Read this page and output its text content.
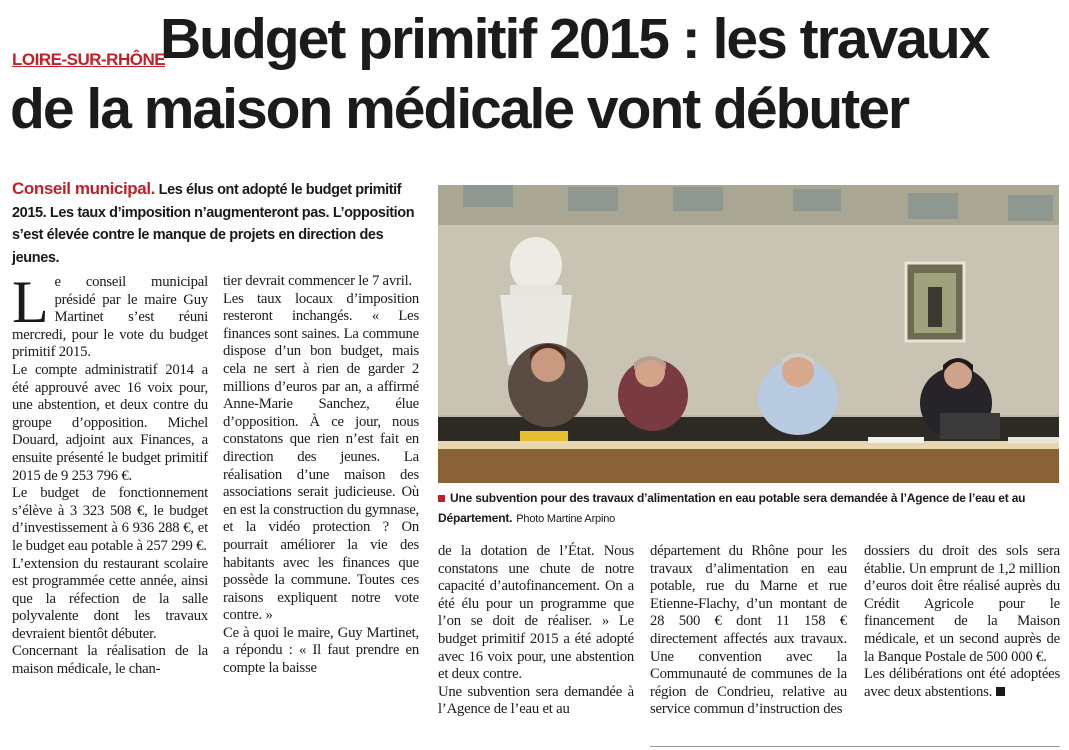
LOIRE-SUR-RHÔNE
Budget primitif 2015 : les travaux
de la maison médicale vont débuter
Conseil municipal. Les élus ont adopté le budget primitif 2015. Les taux d’imposition n’augmenteront pas. L’opposition s’est élevée contre le manque de projets en direction des jeunes.
L e conseil municipal présidé par le maire Guy Martinet s’est réuni mercredi, pour le vote du budget primitif 2015.

Le compte administratif 2014 a été approuvé avec 16 voix pour, une abstention, et deux contre du groupe d’opposition. Michel Douard, adjoint aux Finances, a ensuite présenté le budget primitif 2015 de 9 253 796 €.

Le budget de fonctionnement s’élève à 3 323 508 €, le budget d’investissement à 6 936 288 €, et le budget eau potable à 257 299 €.

L’extension du restaurant scolaire est programmée cette année, ainsi que la réfection de la salle polyvalente dont les travaux devraient bientôt débuter.

Concernant la réalisation de la maison médicale, le chan-

tier devrait commencer le 7 avril.

Les taux locaux d’imposition resteront inchangés. « Les finances sont saines. La commune dispose d’un bon budget, mais cela ne sert à rien de garder 2 millions d’euros par an, a affirmé Anne-Marie Sanchez, élue d’opposition. À ce jour, nous constatons que rien n’est fait en direction des jeunes. La réalisation d’une maison des associations serait judicieuse. Où en est la construction du gymnase, et la vidéo protection ? On pourrait améliorer la vie des habitants avec les finances que possède la commune. Toutes ces raisons expliquent notre vote contre. »

Ce à quoi le maire, Guy Martinet, a répondu : « Il faut prendre en compte la baisse

Une subvention pour des travaux d’alimentation en eau potable sera demandée à l’Agence de l’eau et au Département. Photo Martine Arpino

de la dotation de l’État. Nous constatons une chute de notre capacité d’autofinancement. On a été élu pour un programme que l’on se doit de réaliser. » Le budget primitif 2015 a été adopté avec 16 voix pour, une abstention et deux contre.

Une subvention sera demandée à l’Agence de l’eau et au

département du Rhône pour les travaux d’alimentation en eau potable, rue du Marne et rue Etienne-Flachy, d’un montant de 28 500 € dont 11 158 € directement affectés aux travaux. Une convention avec la Communauté de communes de la région de Condrieu, relative au service commun d’instruction des

dossiers du droit des sols sera établie. Un emprunt de 1,2 million d’euros doit être réalisé auprès du Crédit Agricole pour le financement de la Maison médicale, et un second auprès de la Banque Postale de 500 000 €.

Les délibérations ont été adoptées avec deux abstentions.
